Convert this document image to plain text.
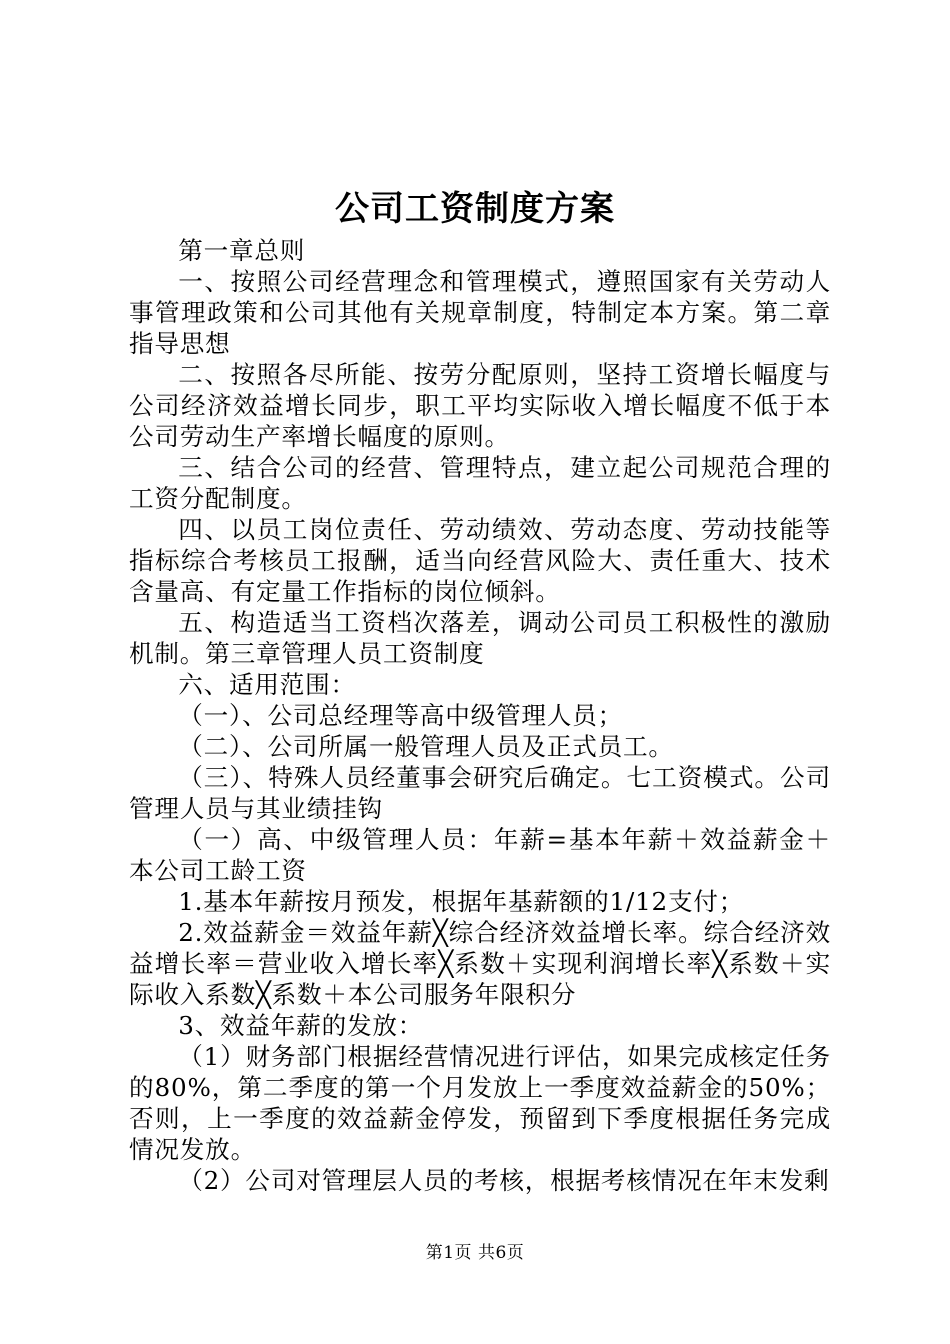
公司工资制度方案

第一章总则

一、按照公司经营理念和管理模式，遵照国家有关劳动人事管理政策和公司其他有关规章制度，特制定本方案。第二章指导思想

二、按照各尽所能、按劳分配原则，坚持工资增长幅度与公司经济效益增长同步，职工平均实际收入增长幅度不低于本公司劳动生产率增长幅度的原则。

三、结合公司的经营、管理特点，建立起公司规范合理的工资分配制度。

四、以员工岗位责任、劳动绩效、劳动态度、劳动技能等指标综合考核员工报酬，适当向经营风险大、责任重大、技术含量高、有定量工作指标的岗位倾斜。

五、构造适当工资档次落差，调动公司员工积极性的激励机制。第三章管理人员工资制度

六、适用范围：

（一）、公司总经理等高中级管理人员；

（二）、公司所属一般管理人员及正式员工。

（三）、特殊人员经董事会研究后确定。七工资模式。公司管理人员与其业绩挂钩

（一）高、中级管理人员：年薪=基本年薪＋效益薪金＋本公司工龄工资

1.基本年薪按月预发，根据年基薪额的1/12支付；

2.效益薪金＝效益年薪╳综合经济效益增长率。综合经济效益增长率＝营业收入增长率╳系数＋实现利润增长率╳系数＋实际收入系数╳系数＋本公司服务年限积分

3、效益年薪的发放：

（1）财务部门根据经营情况进行评估，如果完成核定任务的80%，第二季度的第一个月发放上一季度效益薪金的50%；否则，上一季度的效益薪金停发，预留到下季度根据任务完成情况发放。

（2）公司对管理层人员的考核，根据考核情况在年末发剩

第1页 共6页
